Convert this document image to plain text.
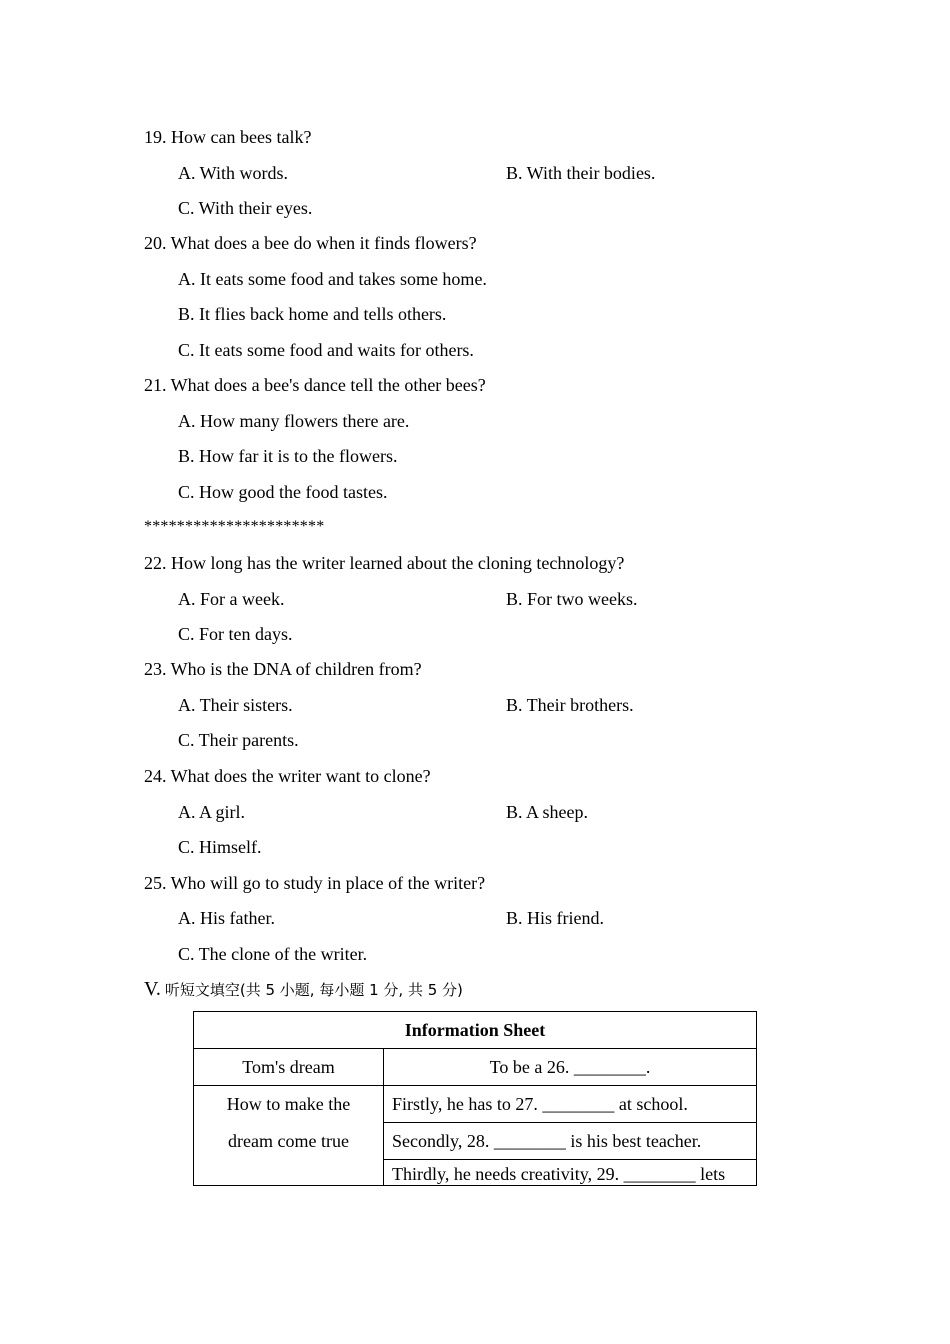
19. How can bees talk?
A. With words.	B. With their bodies.
C. With their eyes.
20. What does a bee do when it finds flowers?
A. It eats some food and takes some home.
B. It flies back home and tells others.
C. It eats some food and waits for others.
21. What does a bee's dance tell the other bees?
A. How many flowers there are.
B. How far it is to the flowers.
C. How good the food tastes.
**********************
22. How long has the writer learned about the cloning technology?
A. For a week.	B. For two weeks.
C. For ten days.
23. Who is the DNA of children from?
A. Their sisters.	B. Their brothers.
C. Their parents.
24. What does the writer want to clone?
A. A girl.	B. A sheep.
C. Himself.
25. Who will go to study in place of the writer?
A. His father.	B. His friend.
C. The clone of the writer.
V. 听短文填空(共 5 小题, 每小题 1 分, 共 5 分)
Information Sheet	
Tom's dream	To be a 26. ________.

How to make the
dream come true	Firstly, he has to 27. ________ at school.
	Secondly, 28. ________ is his best teacher.
	Thirdly, he needs creativity, 29. ________ lets
